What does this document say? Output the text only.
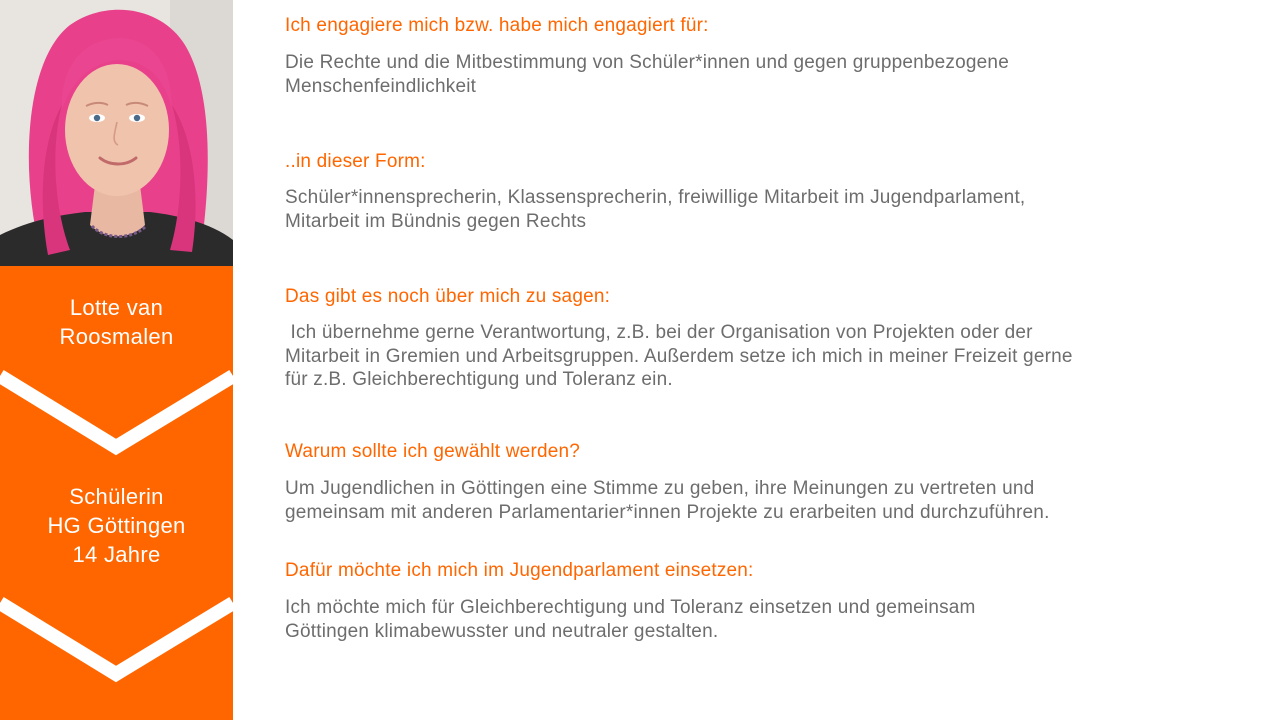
Lotte van
Roosmalen
Schülerin
HG Göttingen
14 Jahre

Ich engagiere mich bzw. habe mich engagiert für:

Die Rechte und die Mitbestimmung von Schüler*innen und gegen gruppenbezogene
Menschenfeindlichkeit

..in dieser Form:

Schüler*innensprecherin, Klassensprecherin, freiwillige Mitarbeit im Jugendparlament,
Mitarbeit im Bündnis gegen Rechts

Das gibt es noch über mich zu sagen:

Ich übernehme gerne Verantwortung, z.B. bei der Organisation von Projekten oder der
Mitarbeit in Gremien und Arbeitsgruppen. Außerdem setze ich mich in meiner Freizeit gerne
für z.B. Gleichberechtigung und Toleranz ein.

Warum sollte ich gewählt werden?

Um Jugendlichen in Göttingen eine Stimme zu geben, ihre Meinungen zu vertreten und
gemeinsam mit anderen Parlamentarier*innen Projekte zu erarbeiten und durchzuführen.

Dafür möchte ich mich im Jugendparlament einsetzen:

Ich möchte mich für Gleichberechtigung und Toleranz einsetzen und gemeinsam
Göttingen klimabewusster und neutraler gestalten.
